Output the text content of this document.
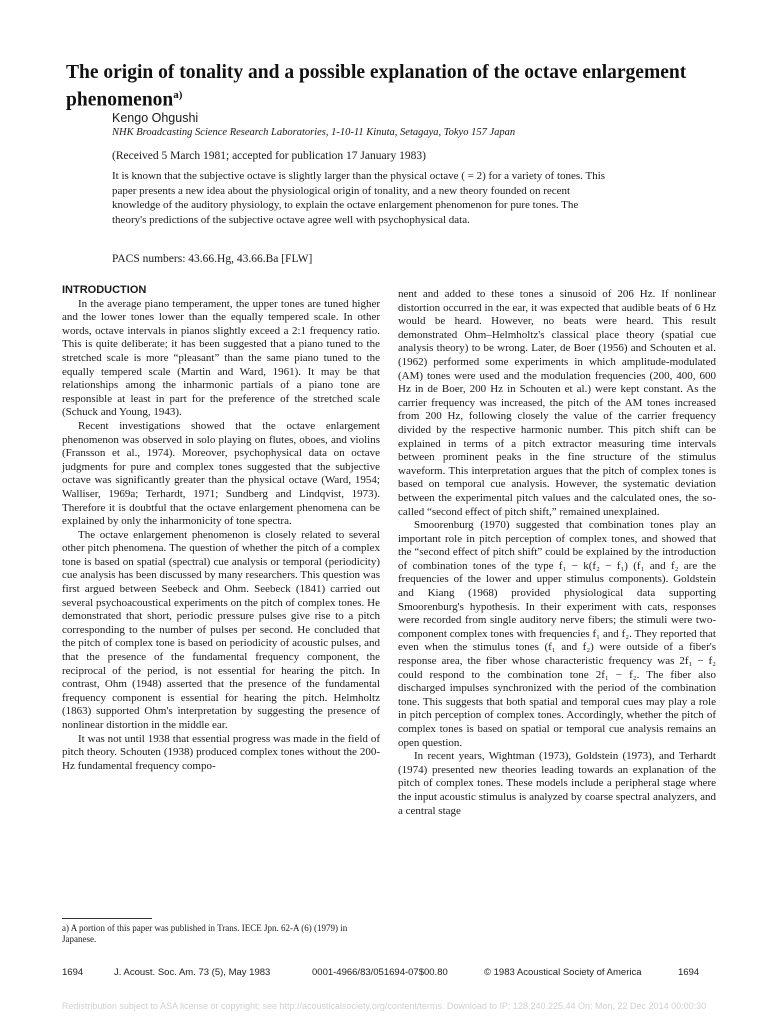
The origin of tonality and a possible explanation of the octave enlargement phenomenon$^{a)}$
Kengo Ohgushi
NHK Broadcasting Science Research Laboratories, 1-10-11 Kinuta, Setagaya, Tokyo 157 Japan
(Received 5 March 1981; accepted for publication 17 January 1983)
It is known that the subjective octave is slightly larger than the physical octave ( = 2) for a variety of tones. This paper presents a new idea about the physiological origin of tonality, and a new theory founded on recent knowledge of the auditory physiology, to explain the octave enlargement phenomenon for pure tones. The theory's predictions of the subjective octave agree well with psychophysical data.
PACS numbers: 43.66.Hg, 43.66.Ba [FLW]

INTRODUCTION

In the average piano temperament, the upper tones are tuned higher and the lower tones lower than the equally tempered scale. In other words, octave intervals in pianos slightly exceed a 2:1 frequency ratio. This is quite deliberate; it has been suggested that a piano tuned to the stretched scale is more “pleasant” than the same piano tuned to the equally tempered scale (Martin and Ward, 1961). It may be that relationships among the inharmonic partials of a piano tone are responsible at least in part for the preference of the stretched scale (Schuck and Young, 1943).

Recent investigations showed that the octave enlargement phenomenon was observed in solo playing on flutes, oboes, and violins (Fransson et al., 1974). Moreover, psychophysical data on octave judgments for pure and complex tones suggested that the subjective octave was significantly greater than the physical octave (Ward, 1954; Walliser, 1969a; Terhardt, 1971; Sundberg and Lindqvist, 1973). Therefore it is doubtful that the octave enlargement phenomena can be explained by only the inharmonicity of tone spectra.

The octave enlargement phenomenon is closely related to several other pitch phenomena. The question of whether the pitch of a complex tone is based on spatial (spectral) cue analysis or temporal (periodicity) cue analysis has been discussed by many researchers. This question was first argued between Seebeck and Ohm. Seebeck (1841) carried out several psychoacoustical experiments on the pitch of complex tones. He demonstrated that short, periodic pressure pulses give rise to a pitch corresponding to the number of pulses per second. He concluded that the pitch of complex tone is based on periodicity of acoustic pulses, and that the presence of the fundamental frequency component, the reciprocal of the period, is not essential for hearing the pitch. In contrast, Ohm (1948) asserted that the presence of the fundamental frequency component is essential for hearing the pitch. Helmholtz (1863) supported Ohm's interpretation by suggesting the presence of nonlinear distortion in the middle ear.

It was not until 1938 that essential progress was made in the field of pitch theory. Schouten (1938) produced complex tones without the 200-Hz fundamental frequency compo-

a) A portion of this paper was published in Trans. IECE Jpn. 62-A (6) (1979) in Japanese.

nent and added to these tones a sinusoid of 206 Hz. If nonlinear distortion occurred in the ear, it was expected that audible beats of 6 Hz would be heard. However, no beats were heard. This result demonstrated Ohm–Helmholtz's classical place theory (spatial cue analysis theory) to be wrong. Later, de Boer (1956) and Schouten et al. (1962) performed some experiments in which amplitude-modulated (AM) tones were used and the modulation frequencies (200, 400, 600 Hz in de Boer, 200 Hz in Schouten et al.) were kept constant. As the carrier frequency was increased, the pitch of the AM tones increased from 200 Hz, following closely the value of the carrier frequency divided by the respective harmonic number. This pitch shift can be explained in terms of a pitch extractor measuring time intervals between prominent peaks in the fine structure of the stimulus waveform. This interpretation argues that the pitch of complex tones is based on temporal cue analysis. However, the systematic deviation between the experimental pitch values and the calculated ones, the so-called “second effect of pitch shift,” remained unexplained.

Smoorenburg (1970) suggested that combination tones play an important role in pitch perception of complex tones, and showed that the “second effect of pitch shift” could be explained by the introduction of combination tones of the type f₁ − k(f₂ − f₁) (f₁ and f₂ are the frequencies of the lower and upper stimulus components). Goldstein and Kiang (1968) provided physiological data supporting Smoorenburg's hypothesis. In their experiment with cats, responses were recorded from single auditory nerve fibers; the stimuli were two-component complex tones with frequencies f₁ and f₂. They reported that even when the stimulus tones (f₁ and f₂) were outside of a fiber's response area, the fiber whose characteristic frequency was 2f₁ − f₂ could respond to the combination tone 2f₁ − f₂. The fiber also discharged impulses synchronized with the period of the combination tone. This suggests that both spatial and temporal cues may play a role in pitch perception of complex tones. Accordingly, whether the pitch of complex tones is based on spatial or temporal cue analysis remains an open question.

In recent years, Wightman (1973), Goldstein (1973), and Terhardt (1974) presented new theories leading towards an explanation of the pitch of complex tones. These models include a peripheral stage where the input acoustic stimulus is analyzed by coarse spectral analyzers, and a central stage

1694	J. Acoust. Soc. Am. 73 (5), May 1983	0001-4966/83/051694-07$00.80	© 1983 Acoustical Society of America	1694
Redistribution subject to ASA license or copyright; see http://acousticalsociety.org/content/terms. Download to IP: 128.240.225.44 On: Mon, 22 Dec 2014 00:00:30
